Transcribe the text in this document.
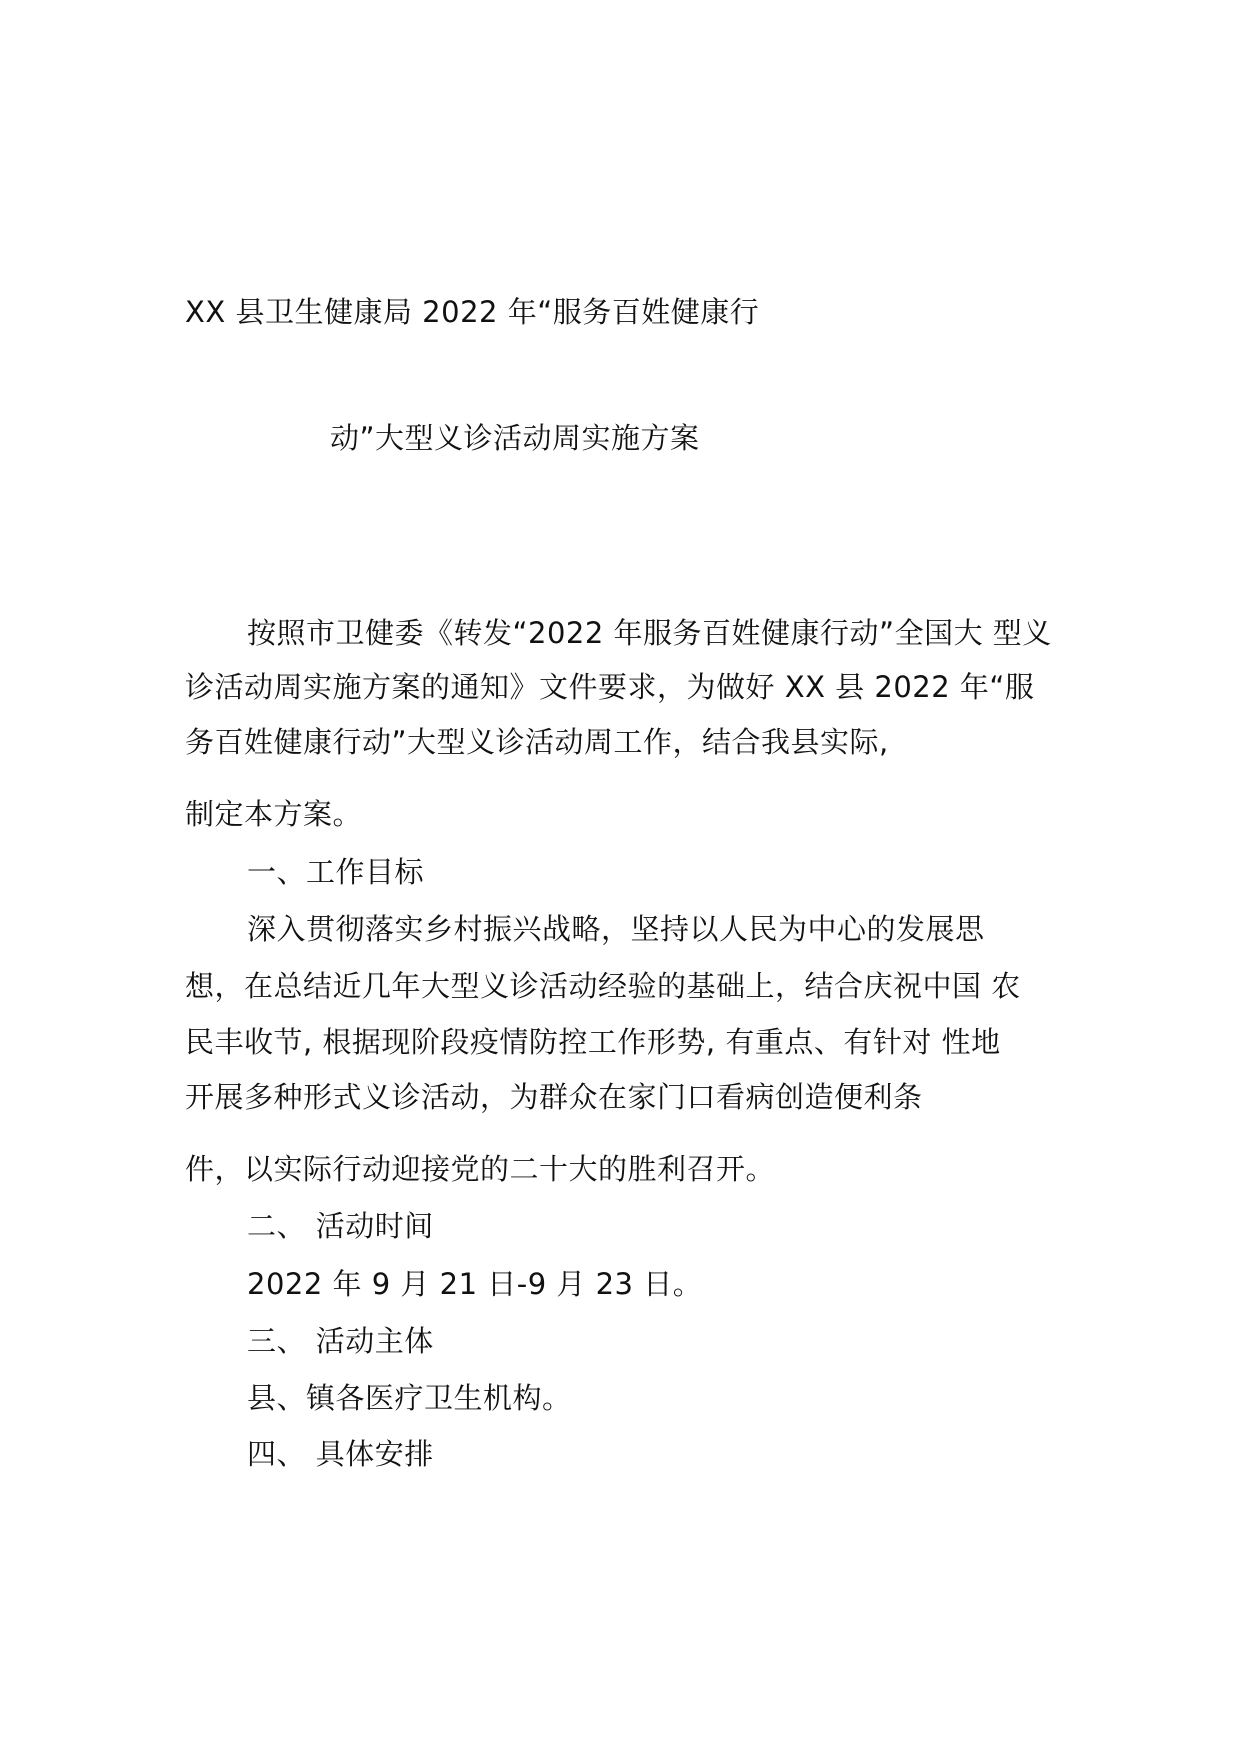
XX 县卫生健康局 2022 年“服务百姓健康行
动”大型义诊活动周实施方案
按照市卫健委《转发“2022 年服务百姓健康行动”全国大 型义
诊活动周实施方案的通知》文件要求，为做好 XX 县 2022 年“服
务百姓健康行动”大型义诊活动周工作，结合我县实际,
制定本方案。
一、工作目标
深入贯彻落实乡村振兴战略，坚持以人民为中心的发展思
想，在总结近几年大型义诊活动经验的基础上，结合庆祝中国 农
民丰收节, 根据现阶段疫情防控工作形势, 有重点、有针对 性地
开展多种形式义诊活动，为群众在家门口看病创造便利条
件，以实际行动迎接党的二十大的胜利召开。
二、 活动时间
2022 年 9 月 21 日-9 月 23 日。
三、 活动主体
县、镇各医疗卫生机构。
四、 具体安排
